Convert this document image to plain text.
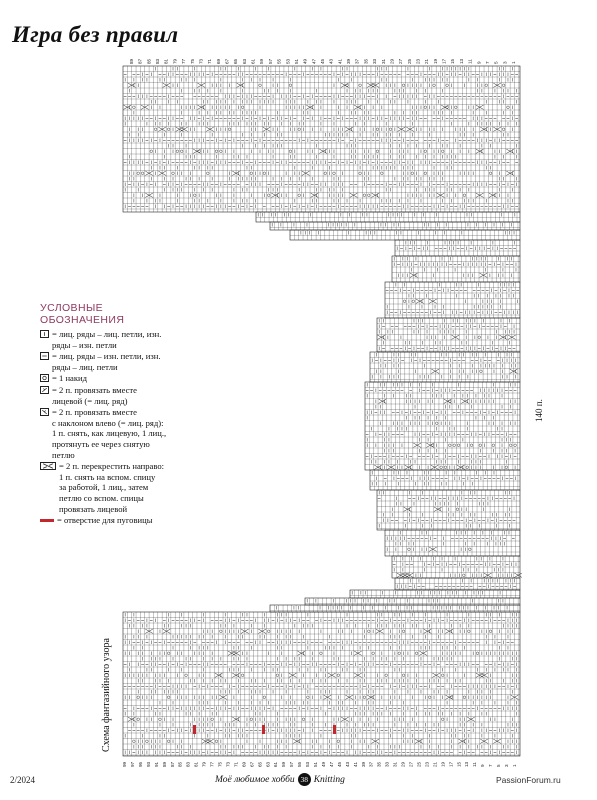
Игра без правил
89 87 85 83 81 79 77 75 73 71 69 67 65 63 61 59 57 55 53 51 49 47 45 43 41 39 37 35 33 31 29 27 25 23 21 19 17 15 13 11 9 7 5 3 1
99 97 95 93 91 89 87 85 83 81 79 77 75 73 71 69 67 65 63 61 59 57 55 53 51 49 47 45 43 41 39 37 35 33 31 29 27 25 23 21 19 17 15 13 11 9 7 5 3 1
УСЛОВНЫЕ
ОБОЗНАЧЕНИЯ
= лиц. ряды – лиц. петли, изн.
ряды – изн. петли
= лиц. ряды – изн. петли, изн.
ряды – лиц. петли
= 1 накид
= 2 п. провязать вместе
лицевой (= лиц. ряд)
= 2 п. провязать вместе
с наклоном влево (= лиц. ряд):
1 п. снять, как лицевую, 1 лиц.,
протянуть ее через снятую
петлю
= 2 п. перекрестить направо:
1 п. снять на вспом. спицу
за работой, 1 лиц., затем
петлю со вспом. спицы
провязать лицевой
= отверстие для пуговицы
Схема фантазийного узора
140 п.
2/2024	Моё любимое хобби 38 Knitting	PassionForum.ru
